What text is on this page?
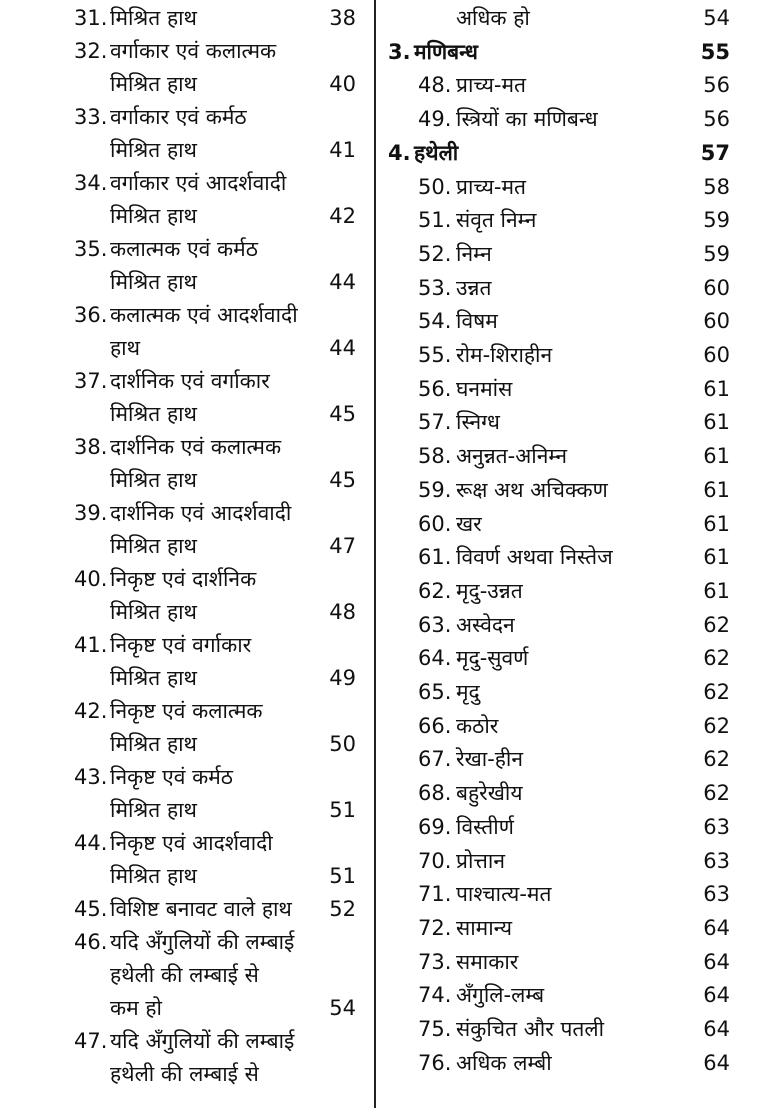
31. मिश्रित हाथ	38
32. वर्गाकार एवं कलात्मक
मिश्रित हाथ	40
33. वर्गाकार एवं कर्मठ
मिश्रित हाथ	41
34. वर्गाकार एवं आदर्शवादी
मिश्रित हाथ	42
35. कलात्मक एवं कर्मठ
मिश्रित हाथ	44
36. कलात्मक एवं आदर्शवादी
हाथ	44
37. दार्शनिक एवं वर्गाकार
मिश्रित हाथ	45
38. दार्शनिक एवं कलात्मक
मिश्रित हाथ	45
39. दार्शनिक एवं आदर्शवादी
मिश्रित हाथ	47
40. निकृष्ट एवं दार्शनिक
मिश्रित हाथ	48
41. निकृष्ट एवं वर्गाकार
मिश्रित हाथ	49
42. निकृष्ट एवं कलात्मक
मिश्रित हाथ	50
43. निकृष्ट एवं कर्मठ
मिश्रित हाथ	51
44. निकृष्ट एवं आदर्शवादी
मिश्रित हाथ	51
45. विशिष्ट बनावट वाले हाथ	52
46. यदि अँगुलियों की लम्बाई
हथेली की लम्बाई से
कम हो	54
47. यदि अँगुलियों की लम्बाई
हथेली की लम्बाई से
अधिक हो	54
3. मणिबन्ध	55
48. प्राच्य-मत	56
49. स्त्रियों का मणिबन्ध	56
4. हथेली	57
50. प्राच्य-मत	58
51. संवृत निम्न	59
52. निम्न	59
53. उन्नत	60
54. विषम	60
55. रोम-शिराहीन	60
56. घनमांस	61
57. स्निग्ध	61
58. अनुन्नत-अनिम्न	61
59. रूक्ष अथ अचिक्कण	61
60. खर	61
61. विवर्ण अथवा निस्तेज	61
62. मृदु-उन्नत	61
63. अस्वेदन	62
64. मृदु-सुवर्ण	62
65. मृदु	62
66. कठोर	62
67. रेखा-हीन	62
68. बहुरेखीय	62
69. विस्तीर्ण	63
70. प्रोत्तान	63
71. पाश्चात्य-मत	63
72. सामान्य	64
73. समाकार	64
74. अँगुलि-लम्ब	64
75. संकुचित और पतली	64
76. अधिक लम्बी	64
